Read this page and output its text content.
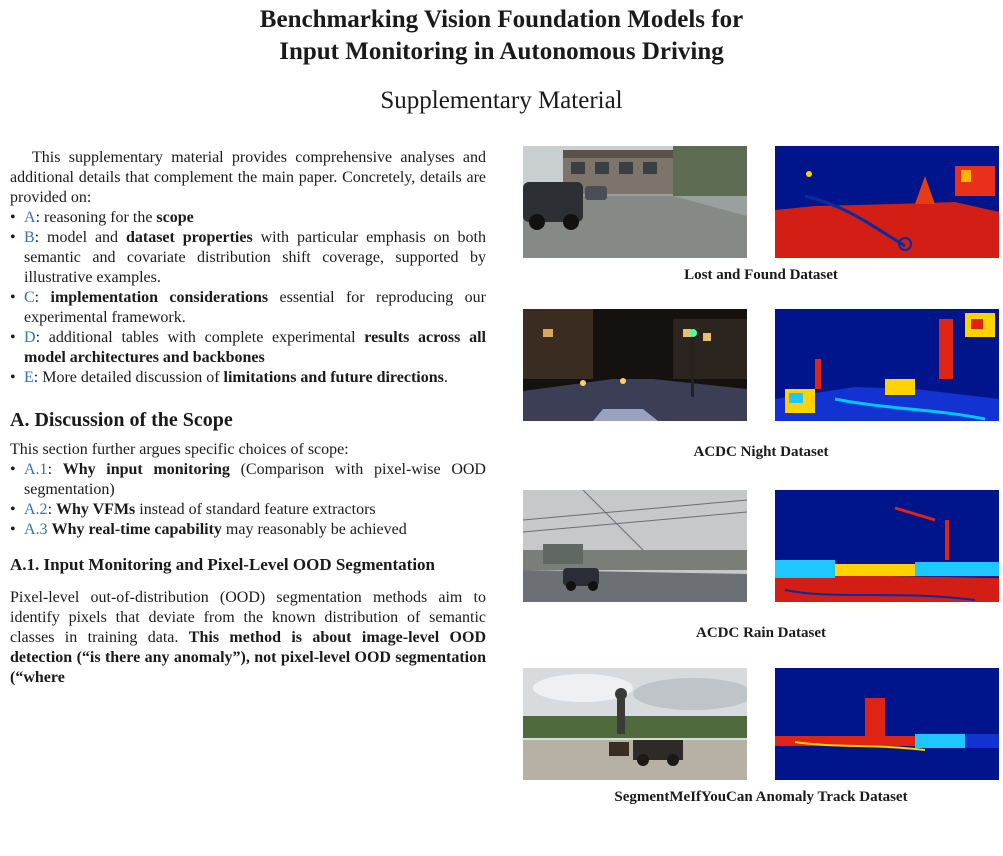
Benchmarking Vision Foundation Models for
Input Monitoring in Autonomous Driving
Supplementary Material

This supplementary material provides comprehensive analyses and additional details that complement the main paper. Concretely, details are provided on:

• A: reasoning for the scope
• B: model and dataset properties with particular emphasis on both semantic and covariate distribution shift coverage, supported by illustrative examples.
• C: implementation considerations essential for reproducing our experimental framework.
• D: additional tables with complete experimental results across all model architectures and backbones
• E: More detailed discussion of limitations and future directions.
A. Discussion of the Scope

This section further argues specific choices of scope:

• A.1: Why input monitoring (Comparison with pixel-wise OOD segmentation)
• A.2: Why VFMs instead of standard feature extractors
• A.3 Why real-time capability may reasonably be achieved
A.1. Input Monitoring and Pixel-Level OOD Segmentation

Pixel-level out-of-distribution (OOD) segmentation methods aim to identify pixels that deviate from the known distribution of semantic classes in training data. This method is about image-level OOD detection (“is there any anomaly”), not pixel-level OOD segmentation (“where

Lost and Found Dataset
ACDC Night Dataset
ACDC Rain Dataset
SegmentMeIfYouCan Anomaly Track Dataset
